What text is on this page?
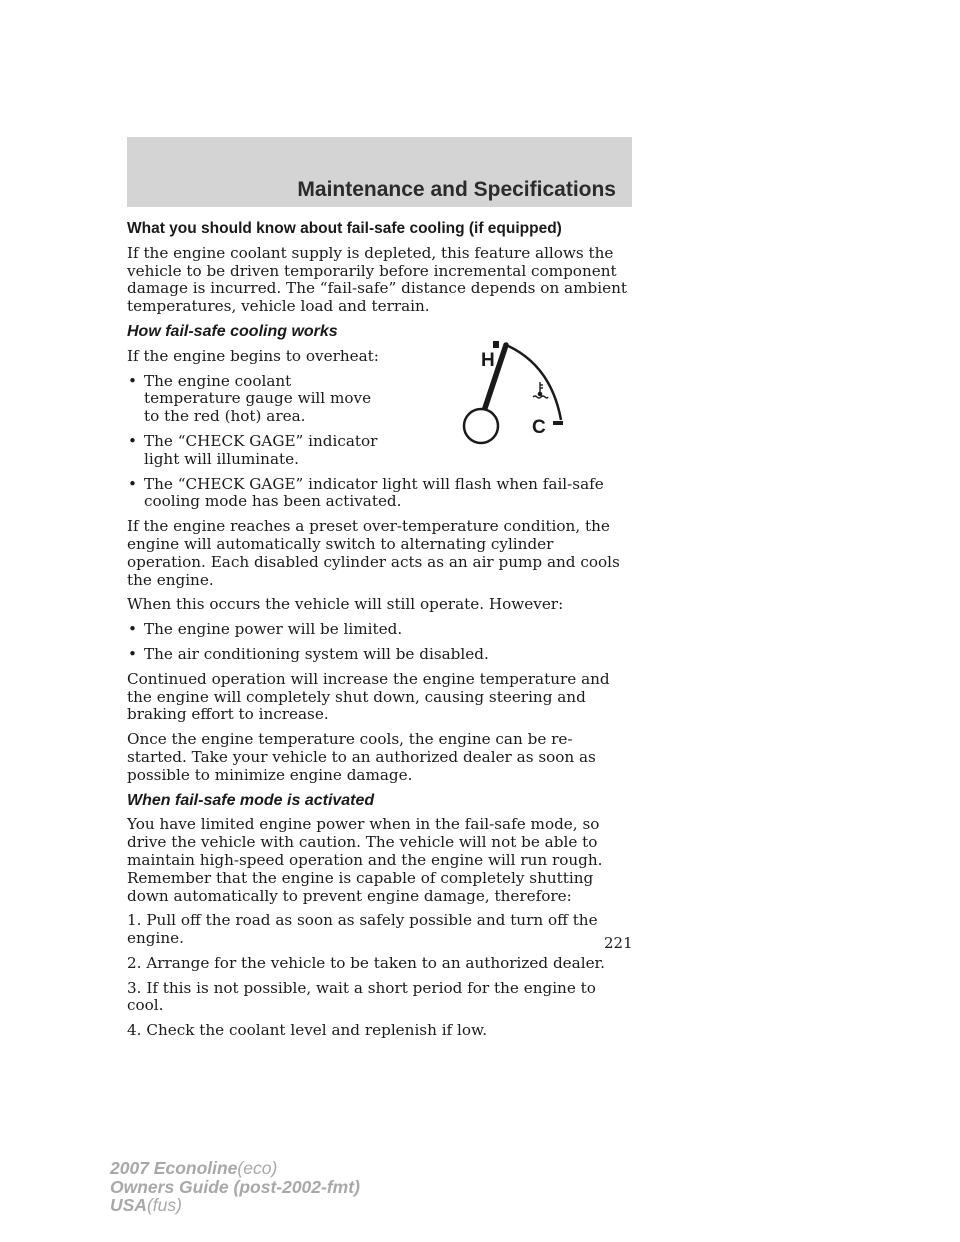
Maintenance and Specifications
What you should know about fail-safe cooling (if equipped)

If the engine coolant supply is depleted, this feature allows the vehicle to be driven temporarily before incremental component damage is incurred. The “fail-safe” distance depends on ambient temperatures, vehicle load and terrain.

How fail-safe cooling works

If the engine begins to overheat:

• The engine coolant temperature gauge will move to the red (hot) area.
• The “CHECK GAGE” indicator light will illuminate.
• The “CHECK GAGE” indicator light will flash when fail-safe cooling mode has been activated.

If the engine reaches a preset over-temperature condition, the engine will automatically switch to alternating cylinder operation. Each disabled cylinder acts as an air pump and cools the engine.

When this occurs the vehicle will still operate. However:

• The engine power will be limited.
• The air conditioning system will be disabled.

Continued operation will increase the engine temperature and the engine will completely shut down, causing steering and braking effort to increase.

Once the engine temperature cools, the engine can be re-started. Take your vehicle to an authorized dealer as soon as possible to minimize engine damage.

When fail-safe mode is activated

You have limited engine power when in the fail-safe mode, so drive the vehicle with caution. The vehicle will not be able to maintain high-speed operation and the engine will run rough. Remember that the engine is capable of completely shutting down automatically to prevent engine damage, therefore:

1. Pull off the road as soon as safely possible and turn off the engine.

2. Arrange for the vehicle to be taken to an authorized dealer.

3. If this is not possible, wait a short period for the engine to cool.

4. Check the coolant level and replenish if low.

H
C
221
2007 Econoline(eco)
Owners Guide (post-2002-fmt)
USA(fus)
